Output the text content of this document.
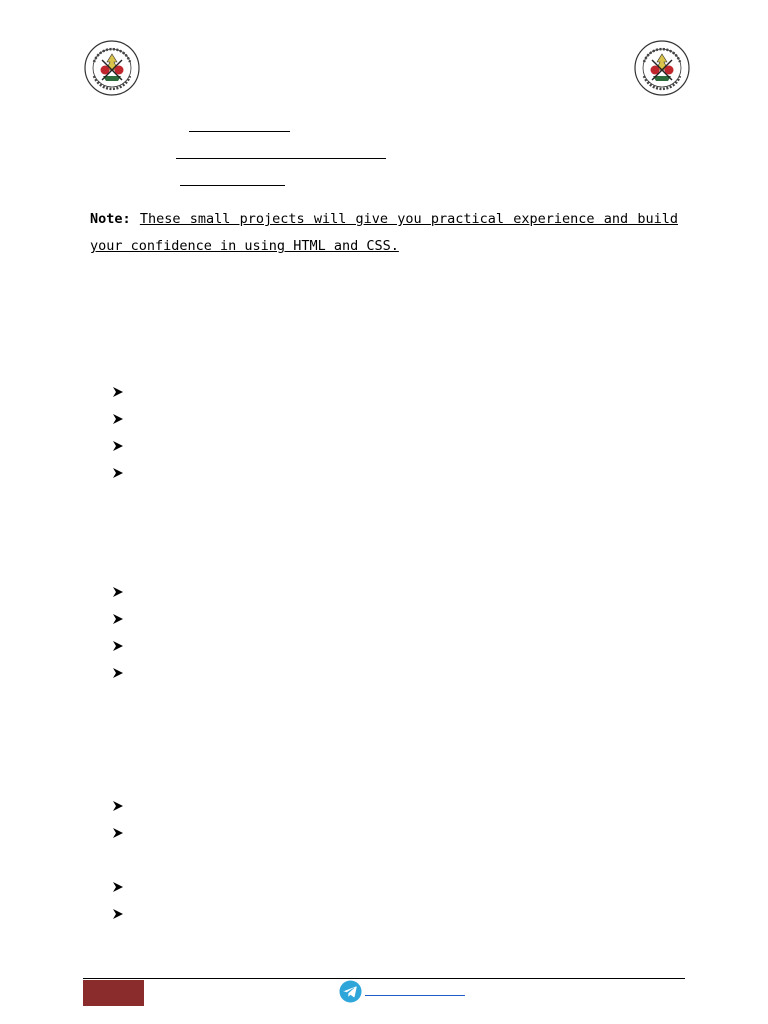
Note: These small projects will give you practical experience and build your confidence in using HTML and CSS.
